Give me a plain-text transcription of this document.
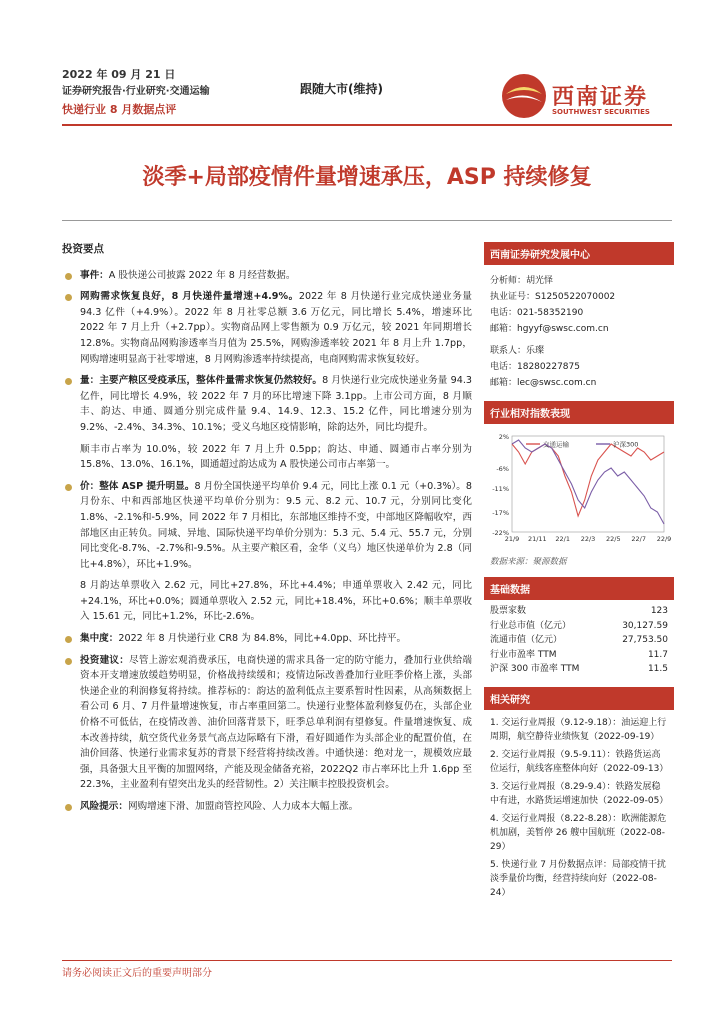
2022 年 09 月 21 日
证券研究报告·行业研究·交通运输
快递行业 8 月数据点评
跟随大市(维持)	西南证券
SOUTHWEST SECURITIES
淡季+局部疫情件量增速承压，ASP 持续修复
投资要点
事件：A 股快递公司披露 2022 年 8 月经营数据。
网购需求恢复良好，8 月快递件量增速+4.9%。2022 年 8 月快递行业完成快递业务量 94.3 亿件（+4.9%）。2022 年 8 月社零总额 3.6 万亿元，同比增长 5.4%，增速环比 2022 年 7 月上升（+2.7pp）。实物商品网上零售额为 0.9 万亿元，较 2021 年同期增长 12.8%。实物商品网购渗透率当月值为 25.5%，网购渗透率较 2021 年 8 月上升 1.7pp，网购增速明显高于社零增速，8 月网购渗透率持续提高，电商网购需求恢复较好。
量：主要产粮区受疫承压，整体件量需求恢复仍然较好。8 月快递行业完成快递业务量 94.3 亿件，同比增长 4.9%，较 2022 年 7 月的环比增速下降 3.1pp。上市公司方面，8 月顺丰、韵达、申通、圆通分别完成件量 9.4、14.9、12.3、15.2 亿件，同比增速分别为 9.2%、-2.4%、34.3%、10.1%；受义乌地区疫情影响，除韵达外，同比均提升。
顺丰市占率为 10.0%，较 2022 年 7 月上升 0.5pp；韵达、申通、圆通市占率分别为 15.8%、13.0%、16.1%，圆通超过韵达成为 A 股快递公司市占率第一。
价：整体 ASP 提升明显。8 月份全国快递平均单价 9.4 元，同比上涨 0.1 元（+0.3%）。8 月份东、中和西部地区快递平均单价分别为：9.5 元、8.2 元、10.7 元，分别同比变化 1.8%、-2.1%和-5.9%，同 2022 年 7 月相比，东部地区维持不变，中部地区降幅收窄，西部地区由正转负。同城、异地、国际快递平均单价分别为：5.3 元、5.4 元、55.7 元，分别同比变化-8.7%、-2.7%和-9.5%。从主要产粮区看，金华（义乌）地区快递单价为 2.8（同比+4.8%），环比+1.9%。
8 月韵达单票收入 2.62 元，同比+27.8%，环比+4.4%；申通单票收入 2.42 元，同比+24.1%，环比+0.0%；圆通单票收入 2.52 元，同比+18.4%，环比+0.6%；顺丰单票收入 15.61 元，同比+1.2%，环比-2.6%。
集中度：2022 年 8 月快递行业 CR8 为 84.8%，同比+4.0pp、环比持平。
投资建议：尽管上游宏观消费承压，电商快递的需求具备一定的防守能力，叠加行业供给端资本开支增速放缓趋势明显，价格战持续缓和；疫情边际改善叠加行业旺季价格上涨，头部快递企业的利润修复将持续。推荐标的：韵达的盈利低点主要系暂时性因素，从高频数据上看公司 6 月、7 月件量增速恢复，市占率重回第二。快递行业整体盈利修复仍在，头部企业价格不可低估，在疫情改善、油价回落背景下，旺季总单利润有望修复。件量增速恢复、成本改善持续，航空货代业务景气高点边际略有下滑，看好圆通作为头部企业的配置价值，在油价回落、快递行业需求复苏的背景下经营将持续改善。中通快递：绝对龙一，规模效应最强，具备强大且平衡的加盟网络，产能及现金储备充裕，2022Q2 市占率环比上升 1.6pp 至 22.3%，主业盈利有望突出龙头的经营韧性。2）关注顺丰控股投资机会。
风险提示：网购增速下滑、加盟商管控风险、人力成本大幅上涨。
西南证券研究发展中心
分析师：胡光怿
执业证号：S1250522070002
电话：021-58352190
邮箱：hgyyf@swsc.com.cn
联系人：乐璨
电话：18280227875
邮箱：lec@swsc.com.cn
行业相对指数表现
2%
-6%
-11%
-17%
-22%
21/9 21/11 22/1 22/3 22/5 22/7 22/9
交通运输	沪深300
数据来源：聚源数据
基础数据
股票家数	123
行业总市值（亿元）	30,127.59
流通市值（亿元）	27,753.50
行业市盈率 TTM	11.7
沪深 300 市盈率 TTM	11.5
相关研究
1. 交运行业周报（9.12-9.18）：油运迎上行周期，航空静待业绩恢复（2022-09-19）
2. 交运行业周报（9.5-9.11）：铁路货运高位运行，航线客座整体向好（2022-09-13）
3. 交运行业周报（8.29-9.4）：铁路发展稳中有进，水路货运增速加快（2022-09-05）
4. 交运行业周报（8.22-8.28）：欧洲能源危机加剧，美暂停 26 艘中国航班（2022-08-29）
5. 快递行业 7 月份数据点评：局部疫情干扰淡季量价均衡，经营持续向好（2022-08-24）
请务必阅读正文后的重要声明部分
